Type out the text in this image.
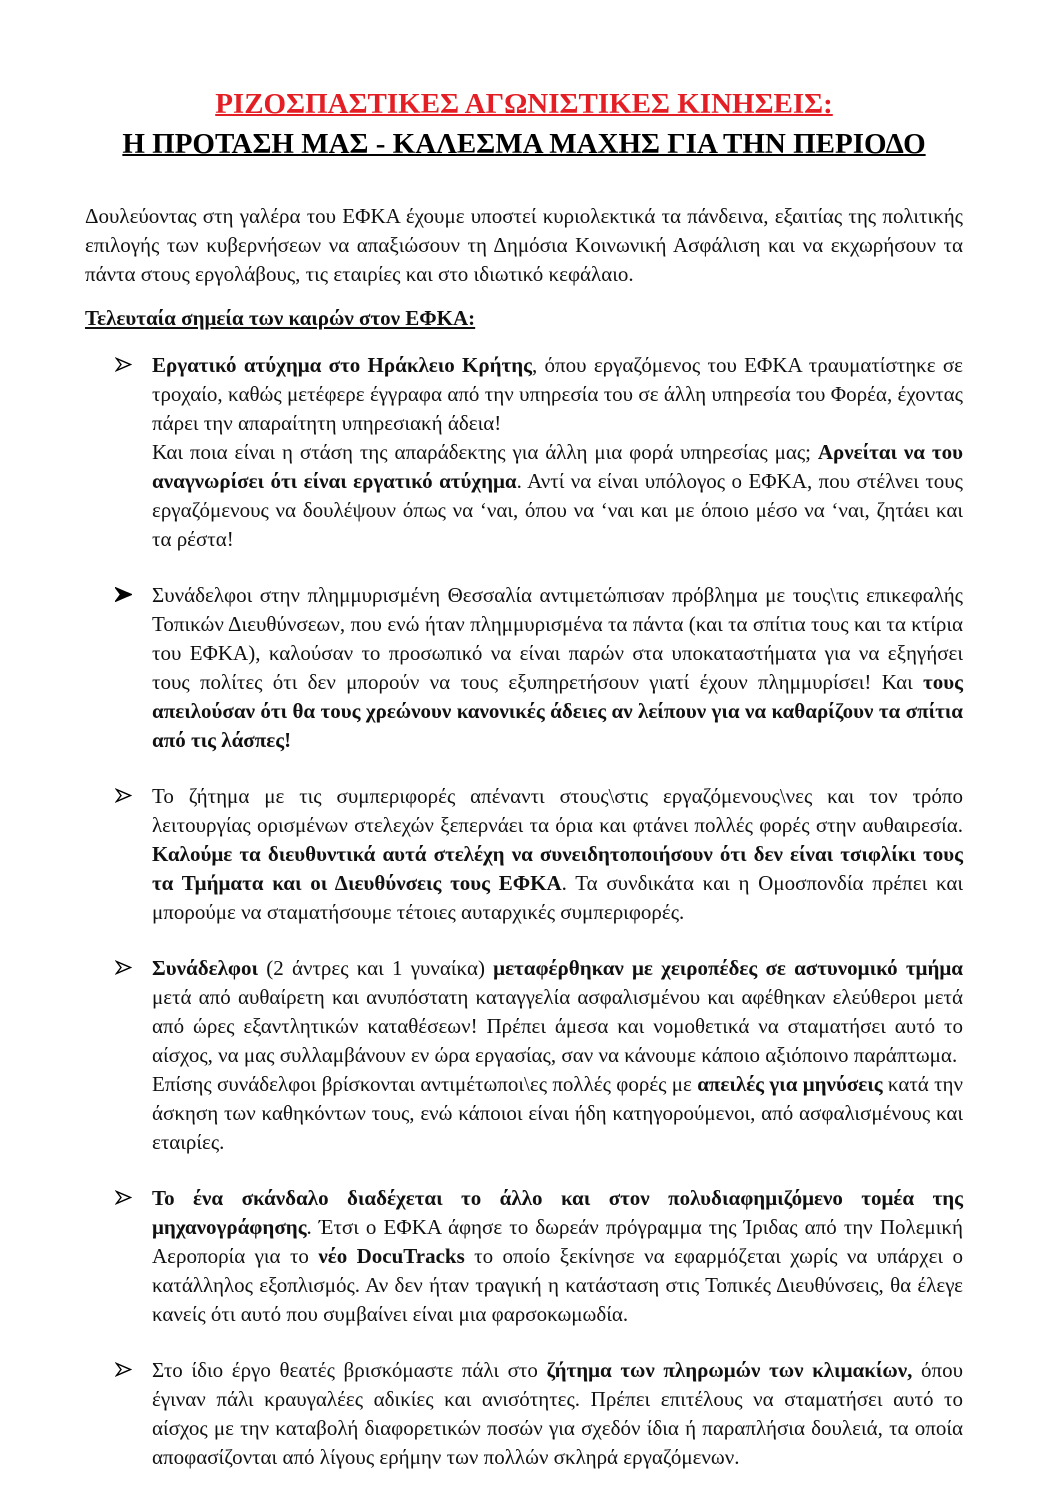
ΡΙΖΟΣΠΑΣΤΙΚΕΣ ΑΓΩΝΙΣΤΙΚΕΣ ΚΙΝΗΣΕΙΣ:
Η ΠΡΟΤΑΣΗ ΜΑΣ - ΚΑΛΕΣΜΑ ΜΑΧΗΣ ΓΙΑ ΤΗΝ ΠΕΡΙΟΔΟ

Δουλεύοντας στη γαλέρα του ΕΦΚΑ έχουμε υποστεί κυριολεκτικά τα πάνδεινα, εξαιτίας της πολιτικής επιλογής των κυβερνήσεων να απαξιώσουν τη Δημόσια Κοινωνική Ασφάλιση και να εκχωρήσουν τα πάντα στους εργολάβους, τις εταιρίες και στο ιδιωτικό κεφάλαιο.

Τελευταία σημεία των καιρών στον ΕΦΚΑ:

Εργατικό ατύχημα στο Ηράκλειο Κρήτης, όπου εργαζόμενος του ΕΦΚΑ τραυματίστηκε σε τροχαίο, καθώς μετέφερε έγγραφα από την υπηρεσία του σε άλλη υπηρεσία του Φορέα, έχοντας πάρει την απαραίτητη υπηρεσιακή άδεια!
Και ποια είναι η στάση της απαράδεκτης για άλλη μια φορά υπηρεσίας μας; Αρνείται να του αναγνωρίσει ότι είναι εργατικό ατύχημα. Αντί να είναι υπόλογος ο ΕΦΚΑ, που στέλνει τους εργαζόμενους να δουλέψουν όπως να ‘ναι, όπου να ‘ναι και με όποιο μέσο να ‘ναι, ζητάει και τα ρέστα!
Συνάδελφοι στην πλημμυρισμένη Θεσσαλία αντιμετώπισαν πρόβλημα με τους\τις επικεφαλής Τοπικών Διευθύνσεων, που ενώ ήταν πλημμυρισμένα τα πάντα (και τα σπίτια τους και τα κτίρια του ΕΦΚΑ), καλούσαν το προσωπικό να είναι παρών στα υποκαταστήματα για να εξηγήσει τους πολίτες ότι δεν μπορούν να τους εξυπηρετήσουν γιατί έχουν πλημμυρίσει! Και τους απειλούσαν ότι θα τους χρεώνουν κανονικές άδειες αν λείπουν για να καθαρίζουν τα σπίτια από τις λάσπες!
Το ζήτημα με τις συμπεριφορές απέναντι στους\στις εργαζόμενους\νες και τον τρόπο λειτουργίας ορισμένων στελεχών ξεπερνάει τα όρια και φτάνει πολλές φορές στην αυθαιρεσία. Καλούμε τα διευθυντικά αυτά στελέχη να συνειδητοποιήσουν ότι δεν είναι τσιφλίκι τους τα Τμήματα και οι Διευθύνσεις τους ΕΦΚΑ. Τα συνδικάτα και η Ομοσπονδία πρέπει και μπορούμε να σταματήσουμε τέτοιες αυταρχικές συμπεριφορές.
Συνάδελφοι (2 άντρες και 1 γυναίκα) μεταφέρθηκαν με χειροπέδες σε αστυνομικό τμήμα μετά από αυθαίρετη και ανυπόστατη καταγγελία ασφαλισμένου και αφέθηκαν ελεύθεροι μετά από ώρες εξαντλητικών καταθέσεων! Πρέπει άμεσα και νομοθετικά να σταματήσει αυτό το αίσχος, να μας συλλαμβάνουν εν ώρα εργασίας, σαν να κάνουμε κάποιο αξιόποινο παράπτωμα.
Επίσης συνάδελφοι βρίσκονται αντιμέτωποι\ες πολλές φορές με απειλές για μηνύσεις κατά την άσκηση των καθηκόντων τους, ενώ κάποιοι είναι ήδη κατηγορούμενοι, από ασφαλισμένους και εταιρίες.
Το ένα σκάνδαλο διαδέχεται το άλλο και στον πολυδιαφημιζόμενο τομέα της μηχανογράφησης. Έτσι ο ΕΦΚΑ άφησε το δωρεάν πρόγραμμα της Ίριδας από την Πολεμική Αεροπορία για το νέο DocuTracks το οποίο ξεκίνησε να εφαρμόζεται χωρίς να υπάρχει ο κατάλληλος εξοπλισμός. Αν δεν ήταν τραγική η κατάσταση στις Τοπικές Διευθύνσεις, θα έλεγε κανείς ότι αυτό που συμβαίνει είναι μια φαρσοκωμωδία.
Στο ίδιο έργο θεατές βρισκόμαστε πάλι στο ζήτημα των πληρωμών των κλιμακίων, όπου έγιναν πάλι κραυγαλέες αδικίες και ανισότητες. Πρέπει επιτέλους να σταματήσει αυτό το αίσχος με την καταβολή διαφορετικών ποσών για σχεδόν ίδια ή παραπλήσια δουλειά, τα οποία αποφασίζονται από λίγους ερήμην των πολλών σκληρά εργαζόμενων.
